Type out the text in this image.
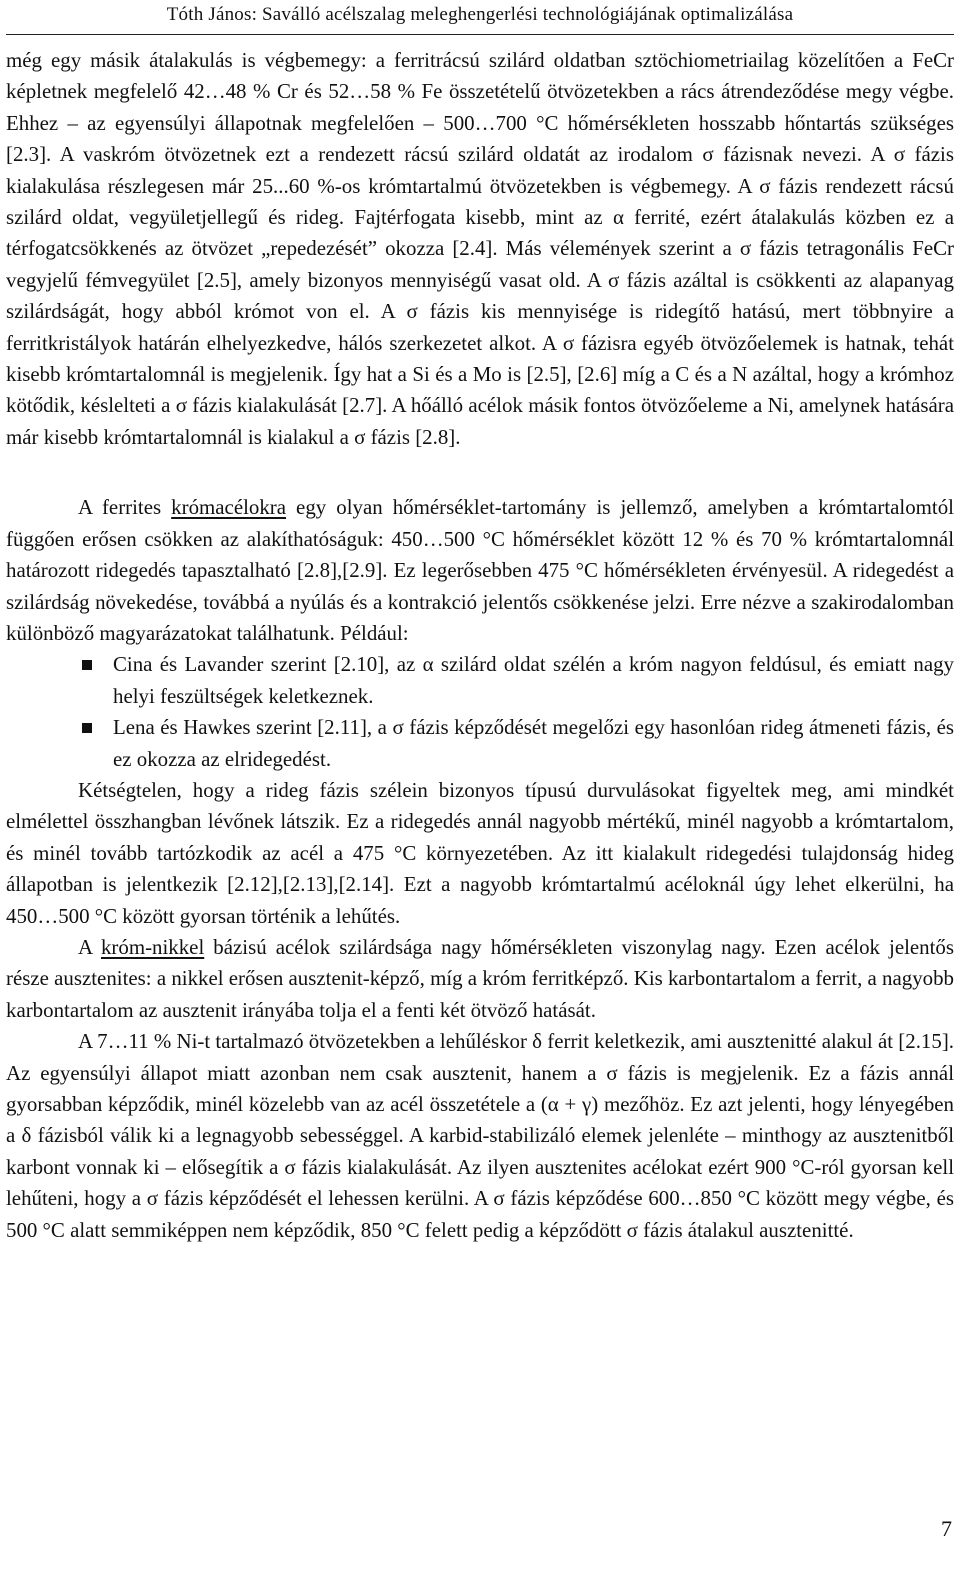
Tóth János: Saválló acélszalag meleghengerlési technológiájának optimalizálása

még egy másik átalakulás is végbemegy: a ferritrácsú szilárd oldatban sztöchiometriailag közelítően a FeCr képletnek megfelelő 42…48 % Cr és 52…58 % Fe összetételű ötvözetekben a rács átrendeződése megy végbe. Ehhez – az egyensúlyi állapotnak megfelelően – 500…700 °C hőmérsékleten hosszabb hőntartás szükséges [2.3]. A vaskróm ötvözetnek ezt a rendezett rácsú szilárd oldatát az irodalom σ fázisnak nevezi. A σ fázis kialakulása részlegesen már 25...60 %-os krómtartalmú ötvözetekben is végbemegy. A σ fázis rendezett rácsú szilárd oldat, vegyületjellegű és rideg. Fajtérfogata kisebb, mint az α ferrité, ezért átalakulás közben ez a térfogatcsökkenés az ötvözet „repedezését” okozza [2.4]. Más vélemények szerint a σ fázis tetragonális FeCr vegyjelű fémvegyület [2.5], amely bizonyos mennyiségű vasat old. A σ fázis azáltal is csökkenti az alapanyag szilárdságát, hogy abból krómot von el. A σ fázis kis mennyisége is ridegítő hatású, mert többnyire a ferritkristályok határán elhelyezkedve, hálós szerkezetet alkot. A σ fázisra egyéb ötvözőelemek is hatnak, tehát kisebb krómtartalomnál is megjelenik. Így hat a Si és a Mo is [2.5], [2.6] míg a C és a N azáltal, hogy a krómhoz kötődik, késlelteti a σ fázis kialakulását [2.7]. A hőálló acélok másik fontos ötvözőeleme a Ni, amelynek hatására már kisebb krómtartalomnál is kialakul a σ fázis [2.8].

A ferrites krómacélokra egy olyan hőmérséklet-tartomány is jellemző, amelyben a krómtartalomtól függően erősen csökken az alakíthatóságuk: 450…500 °C hőmérséklet között 12 % és 70 % krómtartalomnál határozott ridegedés tapasztalható [2.8],[2.9]. Ez legerősebben 475 °C hőmérsékleten érvényesül. A ridegedést a szilárdság növekedése, továbbá a nyúlás és a kontrakció jelentős csökkenése jelzi. Erre nézve a szakirodalomban különböző magyarázatokat találhatunk. Például:

Cina és Lavander szerint [2.10], az α szilárd oldat szélén a króm nagyon feldúsul, és emiatt nagy helyi feszültségek keletkeznek.
Lena és Hawkes szerint [2.11], a σ fázis képződését megelőzi egy hasonlóan rideg átmeneti fázis, és ez okozza az elridegedést.

Kétségtelen, hogy a rideg fázis szélein bizonyos típusú durvulásokat figyeltek meg, ami mindkét elmélettel összhangban lévőnek látszik. Ez a ridegedés annál nagyobb mértékű, minél nagyobb a krómtartalom, és minél tovább tartózkodik az acél a 475 °C környezetében. Az itt kialakult ridegedési tulajdonság hideg állapotban is jelentkezik [2.12],[2.13],[2.14]. Ezt a nagyobb krómtartalmú acéloknál úgy lehet elkerülni, ha 450…500 °C között gyorsan történik a lehűtés.

A króm-nikkel bázisú acélok szilárdsága nagy hőmérsékleten viszonylag nagy. Ezen acélok jelentős része ausztenites: a nikkel erősen ausztenit-képző, míg a króm ferritképző. Kis karbontartalom a ferrit, a nagyobb karbontartalom az ausztenit irányába tolja el a fenti két ötvöző hatását.

A 7…11 % Ni-t tartalmazó ötvözetekben a lehűléskor δ ferrit keletkezik, ami ausztenitté alakul át [2.15]. Az egyensúlyi állapot miatt azonban nem csak ausztenit, hanem a σ fázis is megjelenik. Ez a fázis annál gyorsabban képződik, minél közelebb van az acél összetétele a (α + γ) mezőhöz. Ez azt jelenti, hogy lényegében a δ fázisból válik ki a legnagyobb sebességgel. A karbid-stabilizáló elemek jelenléte – minthogy az ausztenitből karbont vonnak ki – elősegítik a σ fázis kialakulását. Az ilyen ausztenites acélokat ezért 900 °C-ról gyorsan kell lehűteni, hogy a σ fázis képződését el lehessen kerülni. A σ fázis képződése 600…850 °C között megy végbe, és 500 °C alatt semmiképpen nem képződik, 850 °C felett pedig a képződött σ fázis átalakul ausztenitté.

7
